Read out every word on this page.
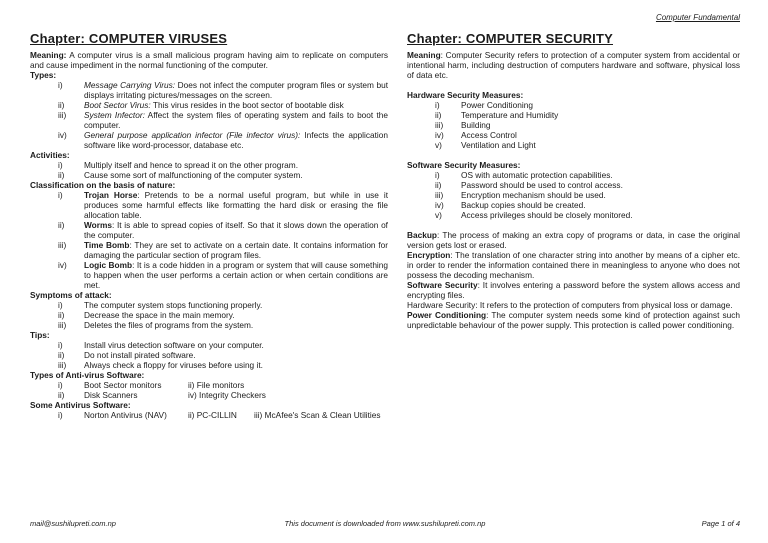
Computer Fundamental
Chapter: COMPUTER VIRUSES
Meaning: A computer virus is a small malicious program having aim to replicate on computers and cause impediment in the normal functioning of the computer.
Types:
i)	Message Carrying Virus: Does not infect the computer program files or system but displays irritating pictures/messages on the screen.
ii)	Boot Sector Virus: This virus resides in the boot sector of bootable disk
iii)	System Infector: Affect the system files of operating system and fails to boot the computer.
iv)	General purpose application infector (File infector virus): Infects the application software like word-processor, database etc.
Activities:
i)	Multiply itself and hence to spread it on the other program.
ii)	Cause some sort of malfunctioning of the computer system.
Classification on the basis of nature:
i)	Trojan Horse: Pretends to be a normal useful program, but while in use it produces some harmful effects like formatting the hard disk or erasing the file allocation table.
ii)	Worms: It is able to spread copies of itself. So that it slows down the operation of the computer.
iii)	Time Bomb: They are set to activate on a certain date. It contains information for damaging the particular section of program files.
iv)	Logic Bomb: It is a code hidden in a program or system that will cause something to happen when the user performs a certain action or when certain conditions are met.
Symptoms of attack:
i)	The computer system stops functioning properly.
ii)	Decrease the space in the main memory.
iii)	Deletes the files of programs from the system.
Tips:
i)	Install virus detection software on your computer.
ii)	Do not install pirated software.
iii)	Always check a floppy for viruses before using it.
Types of Anti-virus Software:
i)	Boot Sector monitors	ii) File monitors
ii)	Disk Scanners	iv) Integrity Checkers
Some Antivirus Software:
i)	Norton Antivirus (NAV)	ii) PC-CILLIN iii) McAfee's Scan & Clean Utilities
Chapter: COMPUTER SECURITY
Meaning: Computer Security refers to protection of a computer system from accidental or intentional harm, including destruction of computers hardware and software, physical loss of data etc.
Hardware Security Measures:
i)	Power Conditioning
ii)	Temperature and Humidity
iii)	Building
iv)	Access Control
v)	Ventilation and Light
Software Security Measures:
i)	OS with automatic protection capabilities.
ii)	Password should be used to control access.
iii)	Encryption mechanism should be used.
iv)	Backup copies should be created.
v)	Access privileges should be closely monitored.
Backup: The process of making an extra copy of programs or data, in case the original version gets lost or erased.
Encryption: The translation of one character string into another by means of a cipher etc. in order to render the information contained there in meaningless to anyone who does not possess the decoding mechanism.
Software Security: It involves entering a password before the system allows access and encrypting files.
Hardware Security: It refers to the protection of computers from physical loss or damage.
Power Conditioning: The computer system needs some kind of protection against such unpredictable behaviour of the power supply. This protection is called power conditioning.
mail@sushilupreti.com.np	This document is downloaded from www.sushilupreti.com.np	Page 1 of 4
